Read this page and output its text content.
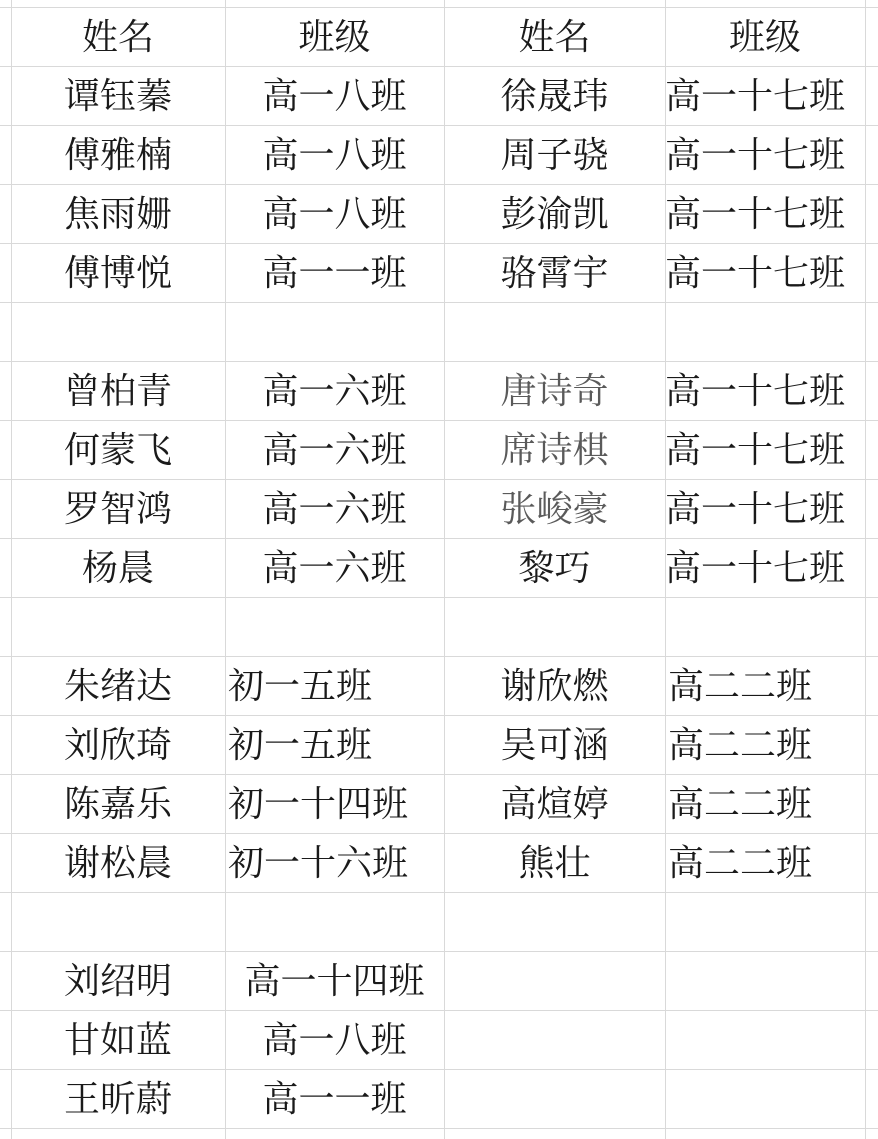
姓名	班级	姓名	班级
谭钰蓁	高一八班	徐晟玮	高一十七班
傅雅楠	高一八班	周子骁	高一十七班
焦雨姗	高一八班	彭渝凯	高一十七班
傅博悦	高一一班	骆霄宇	高一十七班
曾柏青	高一六班	唐诗奇	高一十七班
何蒙飞	高一六班	席诗棋	高一十七班
罗智鸿	高一六班	张峻豪	高一十七班
杨晨	高一六班	黎巧	高一十七班
朱绪达	初一五班	谢欣燃	高二二班
刘欣琦	初一五班	吴可涵	高二二班
陈嘉乐	初一十四班	高煊婷	高二二班
谢松晨	初一十六班	熊壮	高二二班
刘绍明	高一十四班
甘如蓝	高一八班
王昕蔚	高一一班
